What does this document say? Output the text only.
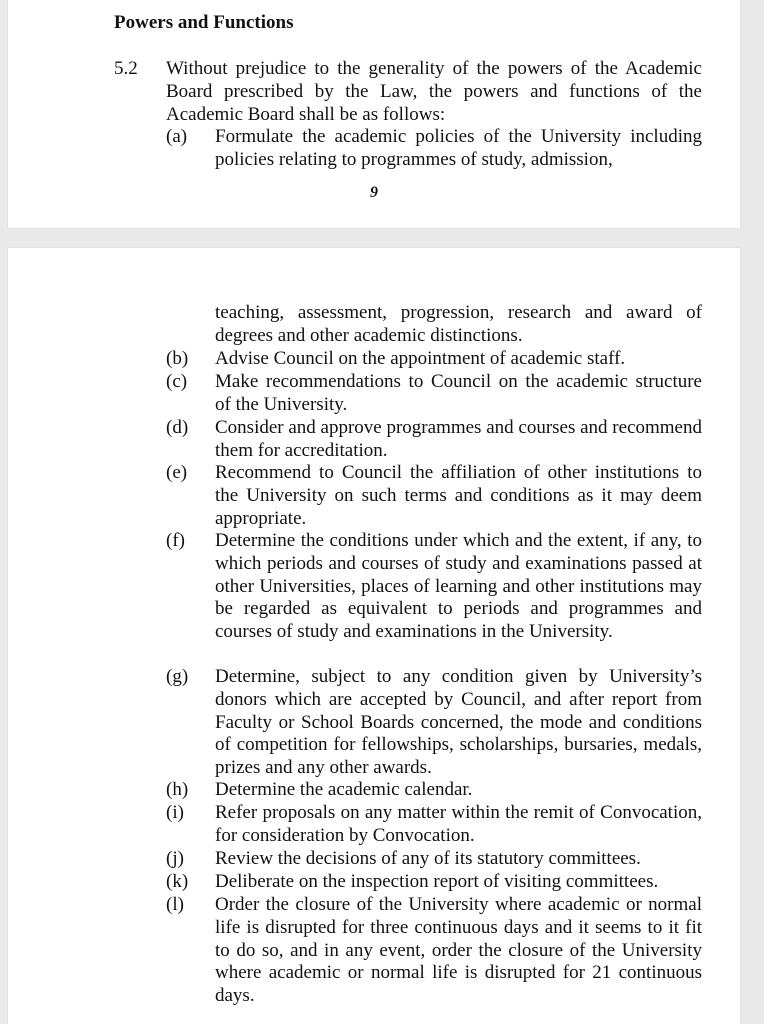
Powers and Functions
5.2 Without prejudice to the generality of the powers of the Academic Board prescribed by the Law, the powers and functions of the Academic Board shall be as follows:
(a)	Formulate the academic policies of the University including policies relating to programmes of study, admission,
9
teaching, assessment, progression, research and award of degrees and other academic distinctions.
(b)	Advise Council on the appointment of academic staff.
(c)	Make recommendations to Council on the academic structure of the University.
(d)	Consider and approve programmes and courses and recommend them for accreditation.
(e)	Recommend to Council the affiliation of other institutions to the University on such terms and conditions as it may deem appropriate.
(f)	Determine the conditions under which and the extent, if any, to which periods and courses of study and examinations passed at other Universities, places of learning and other institutions may be regarded as equivalent to periods and programmes and courses of study and examinations in the University.
(g)	Determine, subject to any condition given by University’s donors which are accepted by Council, and after report from Faculty or School Boards concerned, the mode and conditions of competition for fellowships, scholarships, bursaries, medals, prizes and any other awards.
(h)	Determine the academic calendar.
(i)	Refer proposals on any matter within the remit of Convocation, for consideration by Convocation.
(j)	Review the decisions of any of its statutory committees.
(k)	Deliberate on the inspection report of visiting committees.
(l)	Order the closure of the University where academic or normal life is disrupted for three continuous days and it seems to it fit to do so, and in any event, order the closure of the University where academic or normal life is disrupted for 21 continuous days.
